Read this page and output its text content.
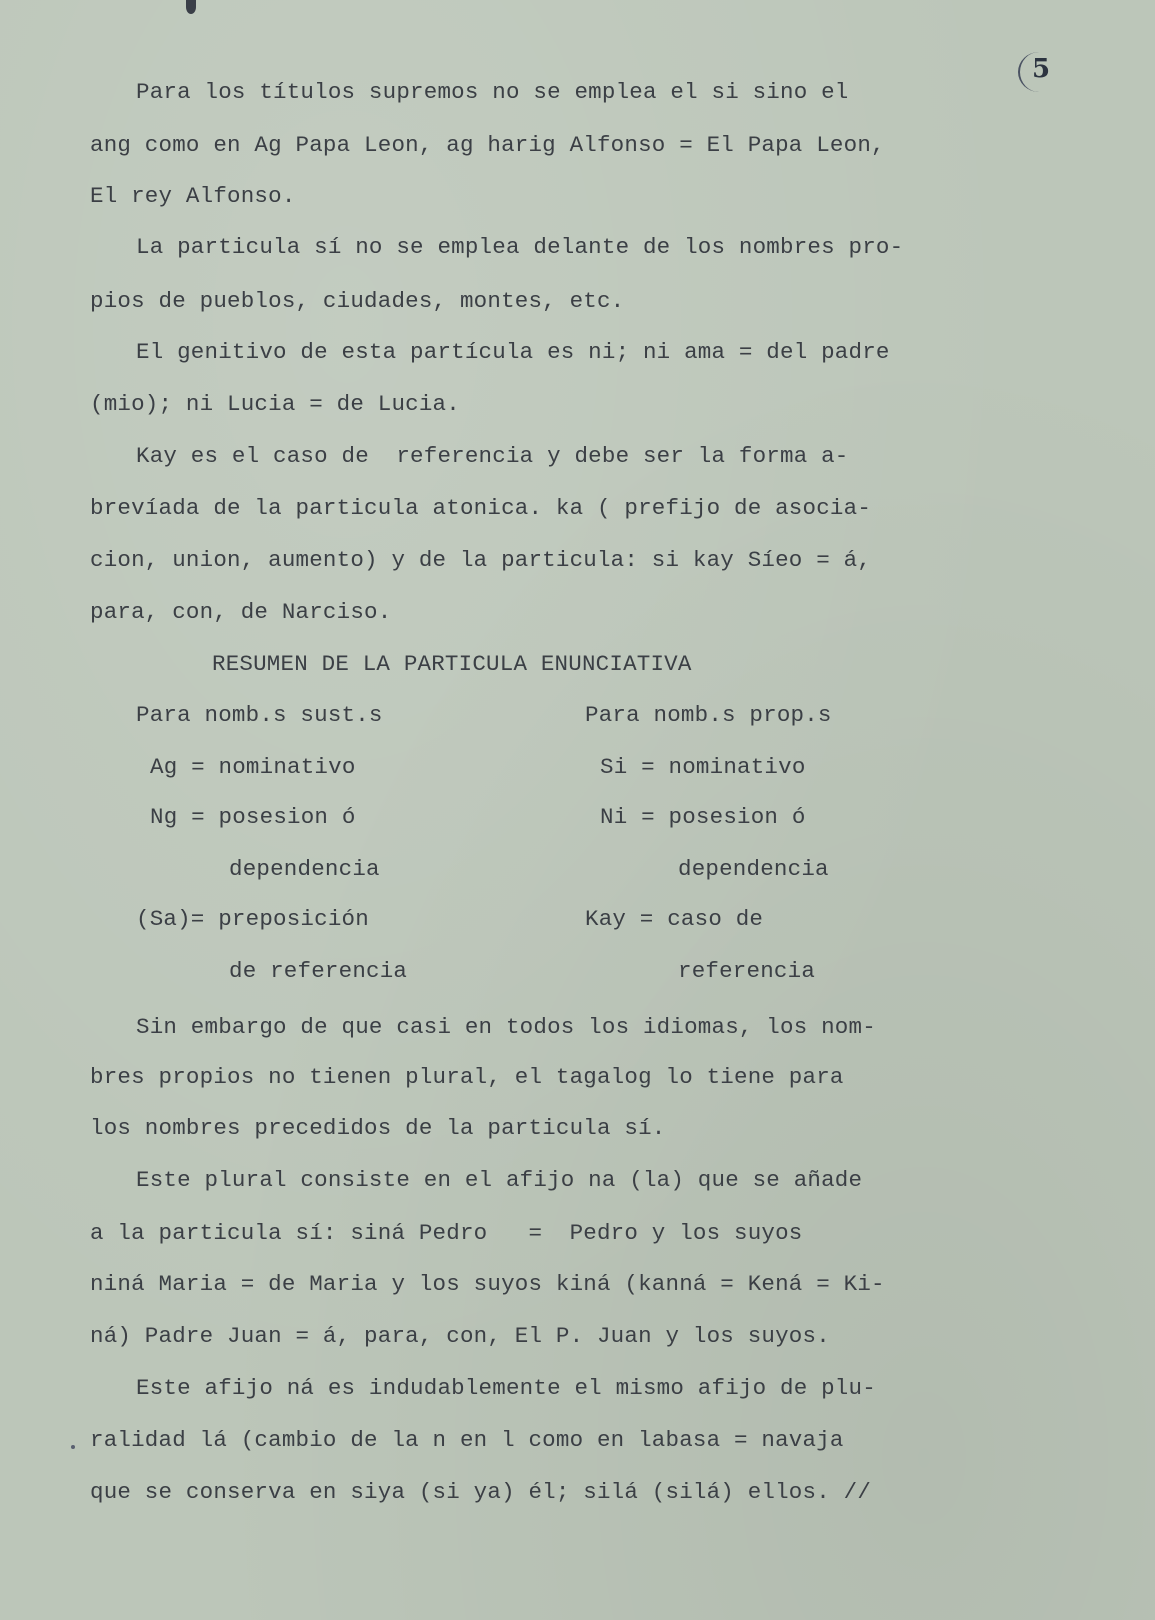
5
Para los títulos supremos no se emplea el si sino el
ang como en Ag Papa Leon, ag harig Alfonso = El Papa Leon,
El rey Alfonso.
La particula sí no se emplea delante de los nombres pro-
pios de pueblos, ciudades, montes, etc.
El genitivo de esta partícula es ni; ni ama = del padre
(mio); ni Lucia = de Lucia.
Kay es el caso de  referencia y debe ser la forma a-
brevíada de la particula atonica. ka ( prefijo de asocia-
cion, union, aumento) y de la particula: si kay Síeo = á,
para, con, de Narciso.
RESUMEN DE LA PARTICULA ENUNCIATIVA
Para nomb.s sust.s	Para nomb.s prop.s
Ag = nominativo
Ng = posesion ó
dependencia
(Sa)= preposición
de referencia
Si = nominativo
Ni = posesion ó
dependencia
Kay = caso de
referencia
Sin embargo de que casi en todos los idiomas, los nom-
bres propios no tienen plural, el tagalog lo tiene para
los nombres precedidos de la particula sí.
Este plural consiste en el afijo na (la) que se añade
a la particula sí: siná Pedro   =  Pedro y los suyos
niná Maria = de Maria y los suyos kiná (kanná = Kená = Ki-
ná) Padre Juan = á, para, con, El P. Juan y los suyos.
Este afijo ná es indudablemente el mismo afijo de plu-
ralidad lá (cambio de la n en l como en labasa = navaja
que se conserva en siya (si ya) él; silá (silá) ellos. //
